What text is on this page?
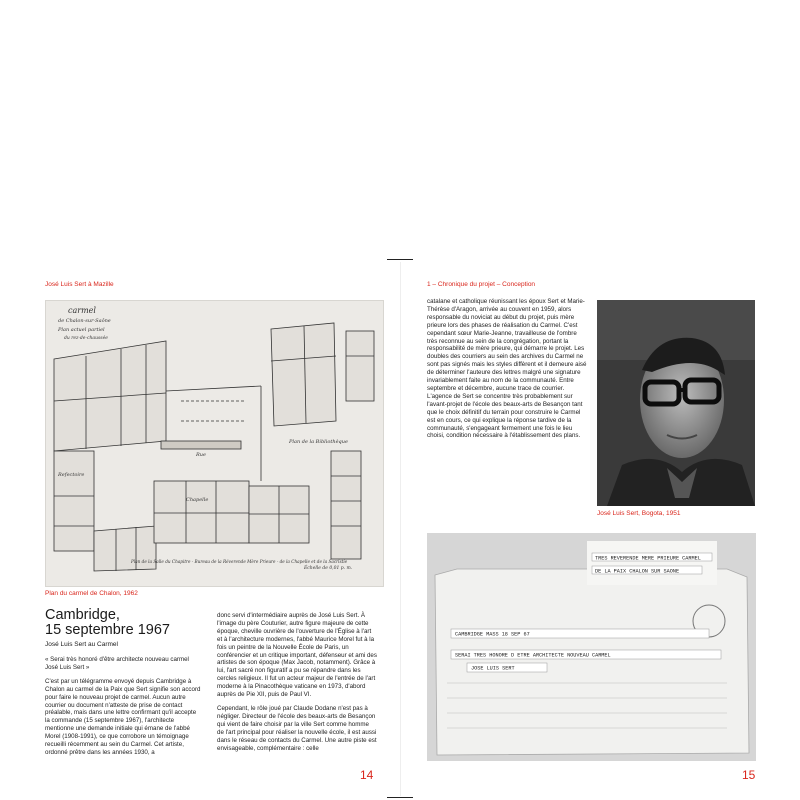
José Luis Sert à Mazille
carmel
de Chalon-sur-Saône
Plan actuel partiel
du rez-de-chaussée
Plan de la Bibliothèque
Plan de la Salle du Chapitre - Bureau de la Réverende Mère Prieure - de la Chapelle et de la Sacristie
Échelle de 0,01 p. m.
Chapelle
Refectoire
Rue
Plan du carmel de Chalon, 1962
Cambridge,
15 septembre 1967
José Luis Sert au Carmel

« Serai très honoré d'être architecte nouveau carmel José Luis Sert »

C'est par un télégramme envoyé depuis Cambridge à Chalon au carmel de la Paix que Sert signifie son accord pour faire le nouveau projet de carmel. Aucun autre courrier ou document n'atteste de prise de contact préalable, mais dans une lettre confirmant qu'il accepte la commande (15 septembre 1967), l'architecte mentionne une demande initiale qui émane de l'abbé Morel (1908-1991), ce que corrobore un témoignage recueilli récemment au sein du Carmel. Cet artiste, ordonné prêtre dans les années 1930, a

donc servi d'intermédiaire auprès de José Luis Sert. À l'image du père Couturier, autre figure majeure de cette époque, cheville ouvrière de l'ouverture de l'Église à l'art et à l'architecture modernes, l'abbé Maurice Morel fut à la fois un peintre de la Nouvelle École de Paris, un conférencier et un critique important, défenseur et ami des artistes de son époque (Max Jacob, notamment). Grâce à lui, l'art sacré non figuratif a pu se répandre dans les cercles religieux. Il fut un acteur majeur de l'entrée de l'art moderne à la Pinacothèque vaticane en 1973, d'abord auprès de Pie XII, puis de Paul VI.

Cependant, le rôle joué par Claude Dodane n'est pas à négliger. Directeur de l'école des beaux-arts de Besançon qui vient de faire choisir par la ville Sert comme homme de l'art principal pour réaliser la nouvelle école, il est aussi dans le réseau de contacts du Carmel. Une autre piste est envisageable, complémentaire : celle

14
1 – Chronique du projet – Conception

catalane et catholique réunissant les époux Sert et Marie-Thérèse d'Aragon, arrivée au couvent en 1959, alors responsable du noviciat au début du projet, puis mère prieure lors des phases de réalisation du Carmel. C'est cependant sœur Marie-Jeanne, travailleuse de l'ombre très reconnue au sein de la congrégation, portant la responsabilité de mère prieure, qui démarre le projet. Les doubles des courriers au sein des archives du Carmel ne sont pas signés mais les styles diffèrent et il demeure aisé de déterminer l'auteure des lettres malgré une signature invariablement faite au nom de la communauté. Entre septembre et décembre, aucune trace de courrier. L'agence de Sert se concentre très probablement sur l'avant-projet de l'école des beaux-arts de Besançon tant que le choix définitif du terrain pour construire le Carmel est en cours, ce qui explique la réponse tardive de la communauté, s'engageant fermement une fois le lieu choisi, condition nécessaire à l'établissement des plans.

José Luis Sert, Bogota, 1951
TRES REVERENDE MERE PRIEURE CARMEL
DE LA PAIX CHALON SUR SAONE
CAMBRIDGE MASS 18 SEP 67
SERAI TRES HONORE D ETRE ARCHITECTE NOUVEAU CARMEL
JOSE LUIS SERT
15
